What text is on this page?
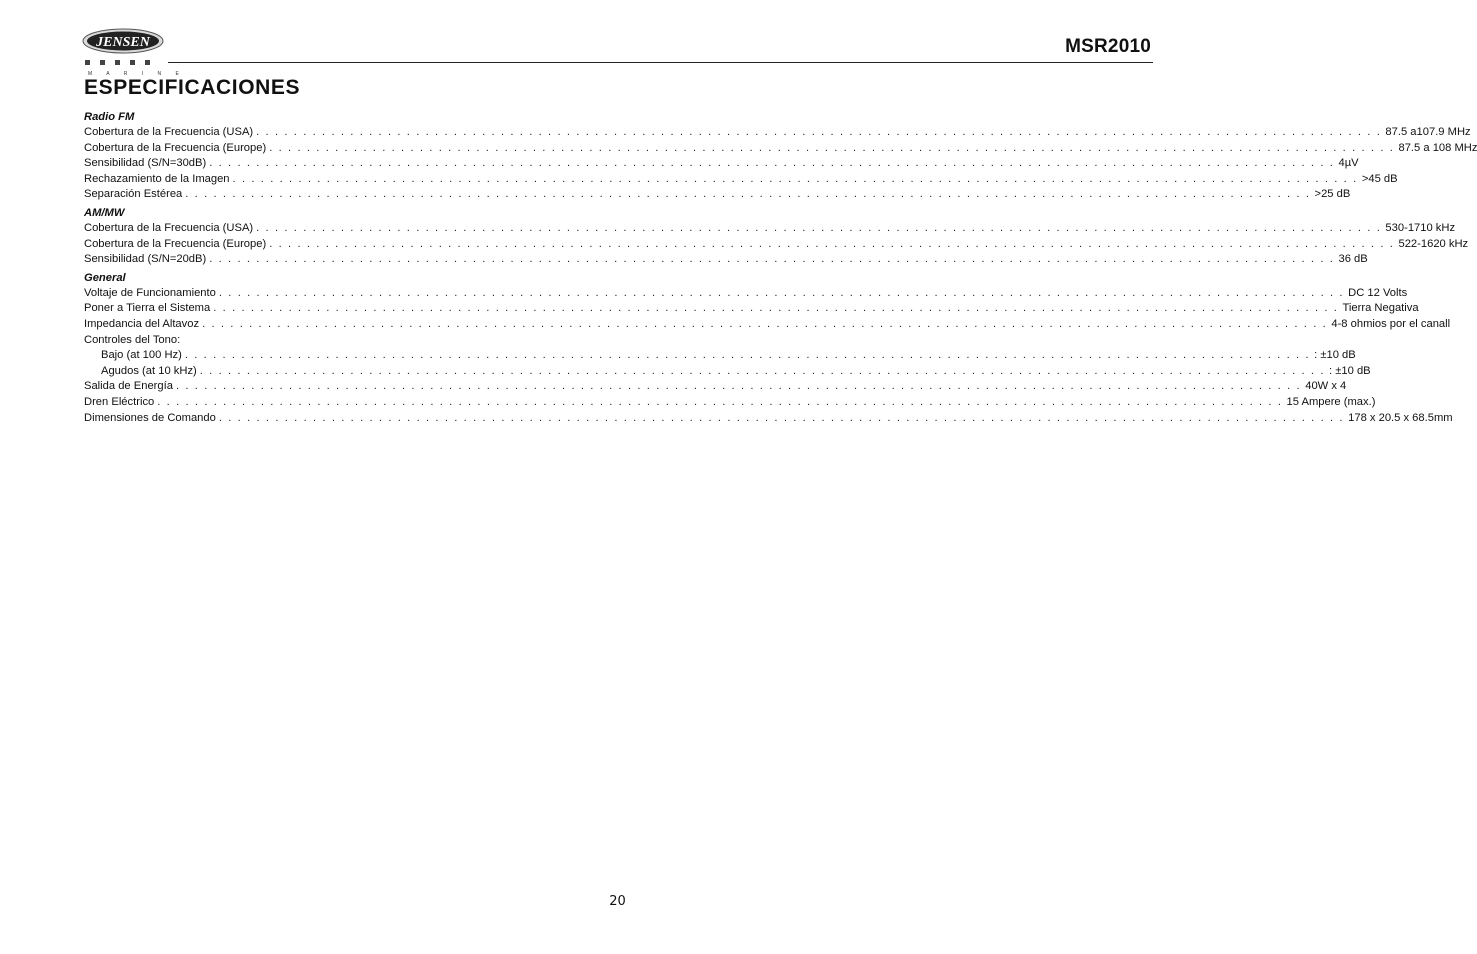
JENSEN
M A R I N E
MSR2010
ESPECIFICACIONES
Radio FM
Cobertura de la Frecuencia (USA) . . . . . . . . . . . . . . . . . . . . . . . . . . . . . . . . . . . . . . . . . . . . . . . . . . . . . . . . . . . . . . . . . . . . . . . . . . . . . . . . . . . . . . . . . . . . . . . . . . . . . . . . . . . . . . . . . . . . . . . . 87.5 a107.9 MHz
Cobertura de la Frecuencia (Europe) . . . . . . . . . . . . . . . . . . . . . . . . . . . . . . . . . . . . . . . . . . . . . . . . . . . . . . . . . . . . . . . . . . . . . . . . . . . . . . . . . . . . . . . . . . . . . . . . . . . . . . . . . . . . . . . . . . . . . . . . 87.5 a 108 MHz
Sensibilidad (S/N=30dB) . . . . . . . . . . . . . . . . . . . . . . . . . . . . . . . . . . . . . . . . . . . . . . . . . . . . . . . . . . . . . . . . . . . . . . . . . . . . . . . . . . . . . . . . . . . . . . . . . . . . . . . . . . . . . . . . . . . . . . . . 4µV
Rechazamiento de la Imagen . . . . . . . . . . . . . . . . . . . . . . . . . . . . . . . . . . . . . . . . . . . . . . . . . . . . . . . . . . . . . . . . . . . . . . . . . . . . . . . . . . . . . . . . . . . . . . . . . . . . . . . . . . . . . . . . . . . . . . . . >45 dB
Separación Estérea . . . . . . . . . . . . . . . . . . . . . . . . . . . . . . . . . . . . . . . . . . . . . . . . . . . . . . . . . . . . . . . . . . . . . . . . . . . . . . . . . . . . . . . . . . . . . . . . . . . . . . . . . . . . . . . . . . . . . . . . >25 dB
AM/MW
Cobertura de la Frecuencia (USA) . . . . . . . . . . . . . . . . . . . . . . . . . . . . . . . . . . . . . . . . . . . . . . . . . . . . . . . . . . . . . . . . . . . . . . . . . . . . . . . . . . . . . . . . . . . . . . . . . . . . . . . . . . . . . . . . . . . . . . . . 530-1710 kHz
Cobertura de la Frecuencia (Europe) . . . . . . . . . . . . . . . . . . . . . . . . . . . . . . . . . . . . . . . . . . . . . . . . . . . . . . . . . . . . . . . . . . . . . . . . . . . . . . . . . . . . . . . . . . . . . . . . . . . . . . . . . . . . . . . . . . . . . . . . 522-1620 kHz
Sensibilidad (S/N=20dB) . . . . . . . . . . . . . . . . . . . . . . . . . . . . . . . . . . . . . . . . . . . . . . . . . . . . . . . . . . . . . . . . . . . . . . . . . . . . . . . . . . . . . . . . . . . . . . . . . . . . . . . . . . . . . . . . . . . . . . . . 36 dB
General
Voltaje de Funcionamiento . . . . . . . . . . . . . . . . . . . . . . . . . . . . . . . . . . . . . . . . . . . . . . . . . . . . . . . . . . . . . . . . . . . . . . . . . . . . . . . . . . . . . . . . . . . . . . . . . . . . . . . . . . . . . . . . . . . . . . . . DC 12 Volts
Poner a Tierra el Sistema . . . . . . . . . . . . . . . . . . . . . . . . . . . . . . . . . . . . . . . . . . . . . . . . . . . . . . . . . . . . . . . . . . . . . . . . . . . . . . . . . . . . . . . . . . . . . . . . . . . . . . . . . . . . . . . . . . . . . . . . Tierra Negativa
Impedancia del Altavoz . . . . . . . . . . . . . . . . . . . . . . . . . . . . . . . . . . . . . . . . . . . . . . . . . . . . . . . . . . . . . . . . . . . . . . . . . . . . . . . . . . . . . . . . . . . . . . . . . . . . . . . . . . . . . . . . . . . . . . . . 4-8 ohmios por el canall
Controles del Tono:
Bajo (at 100 Hz) . . . . . . . . . . . . . . . . . . . . . . . . . . . . . . . . . . . . . . . . . . . . . . . . . . . . . . . . . . . . . . . . . . . . . . . . . . . . . . . . . . . . . . . . . . . . . . . . . . . . . . . . . . . . . . . . . . . . . . . . : ±10 dB
Agudos (at 10 kHz) . . . . . . . . . . . . . . . . . . . . . . . . . . . . . . . . . . . . . . . . . . . . . . . . . . . . . . . . . . . . . . . . . . . . . . . . . . . . . . . . . . . . . . . . . . . . . . . . . . . . . . . . . . . . . . . . . . . . . . . . : ±10 dB
Salida de Energía . . . . . . . . . . . . . . . . . . . . . . . . . . . . . . . . . . . . . . . . . . . . . . . . . . . . . . . . . . . . . . . . . . . . . . . . . . . . . . . . . . . . . . . . . . . . . . . . . . . . . . . . . . . . . . . . . . . . . . . . 40W x 4
Dren Eléctrico . . . . . . . . . . . . . . . . . . . . . . . . . . . . . . . . . . . . . . . . . . . . . . . . . . . . . . . . . . . . . . . . . . . . . . . . . . . . . . . . . . . . . . . . . . . . . . . . . . . . . . . . . . . . . . . . . . . . . . . . 15 Ampere (max.)
Dimensiones de Comando . . . . . . . . . . . . . . . . . . . . . . . . . . . . . . . . . . . . . . . . . . . . . . . . . . . . . . . . . . . . . . . . . . . . . . . . . . . . . . . . . . . . . . . . . . . . . . . . . . . . . . . . . . . . . . . . . . . . . . . . 178 x 20.5 x 68.5mm
20
